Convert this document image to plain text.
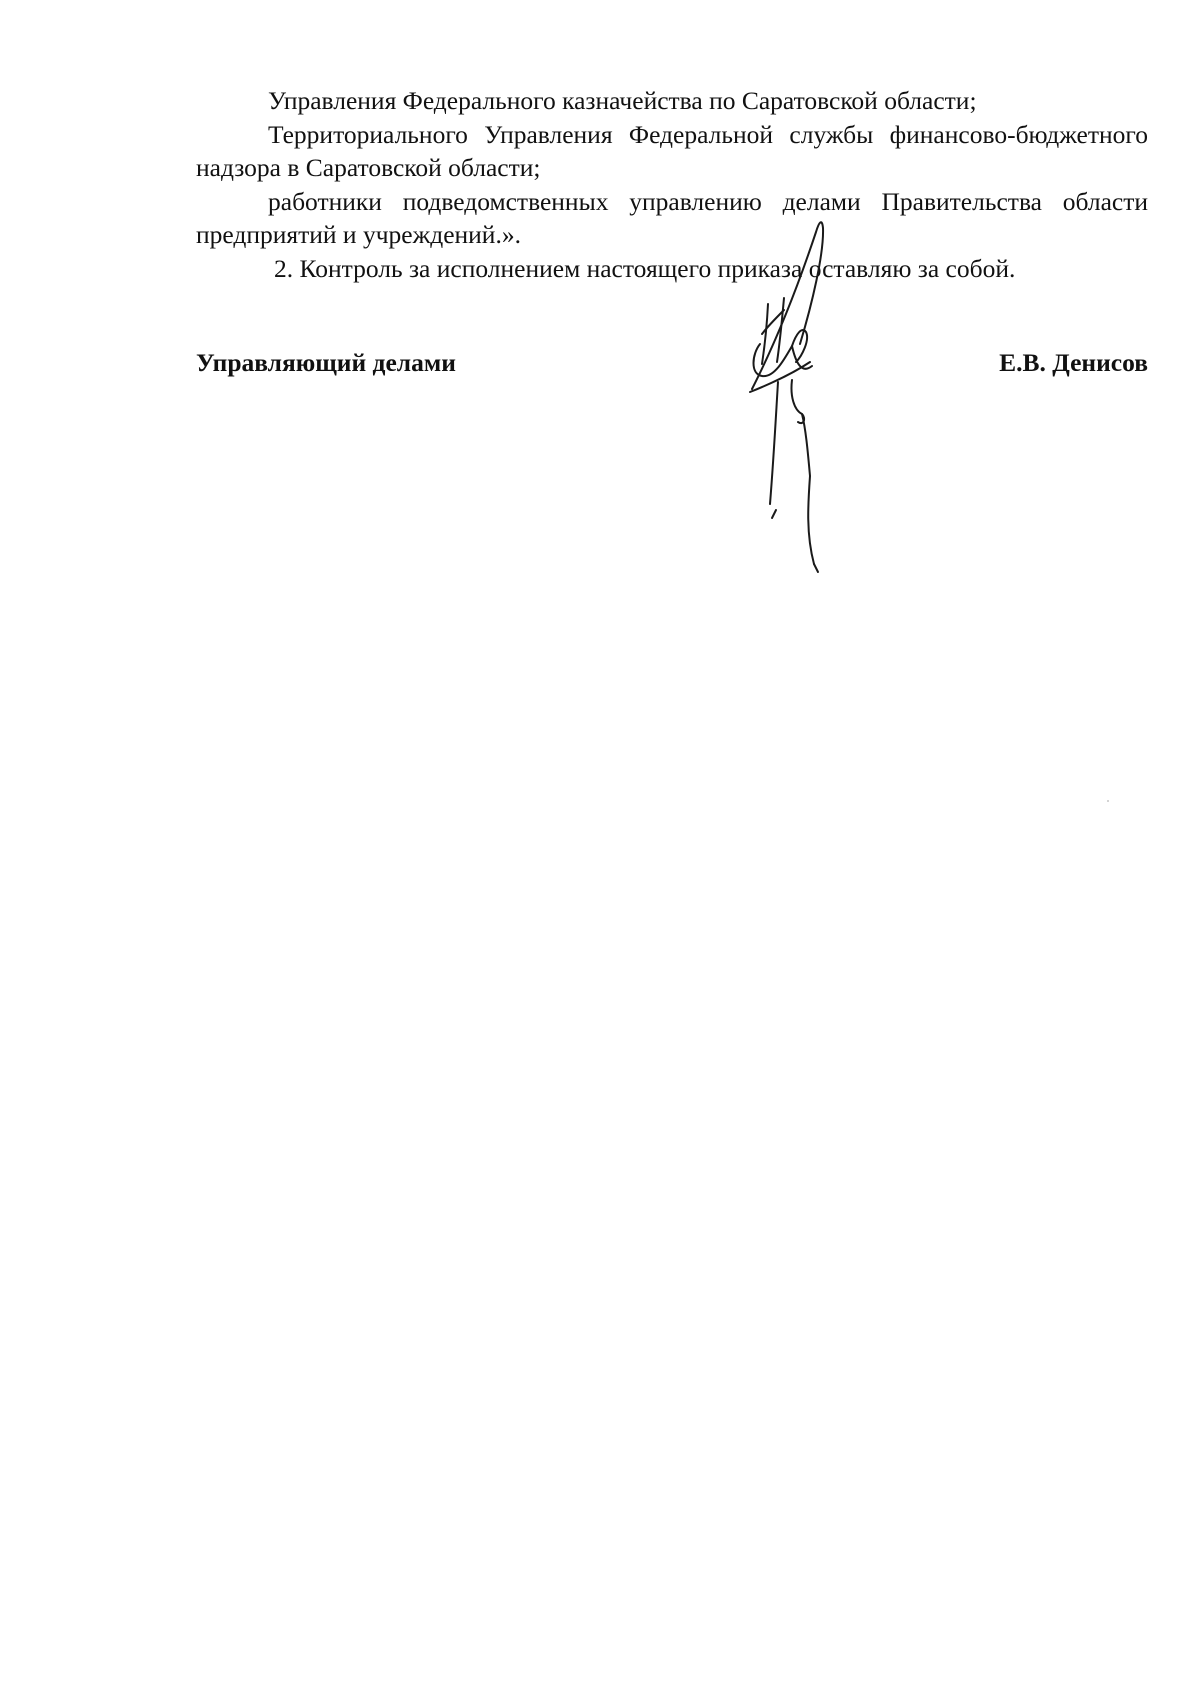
Управления Федерального казначейства по Саратовской области;

Территориального Управления Федеральной службы финансово-бюджетного надзора в Саратовской области;

работники подведомственных управлению делами Правительства области предприятий и учреждений.».

2. Контроль за исполнением настоящего приказа оставляю за собой.

Управляющий делами	Е.В. Денисов
